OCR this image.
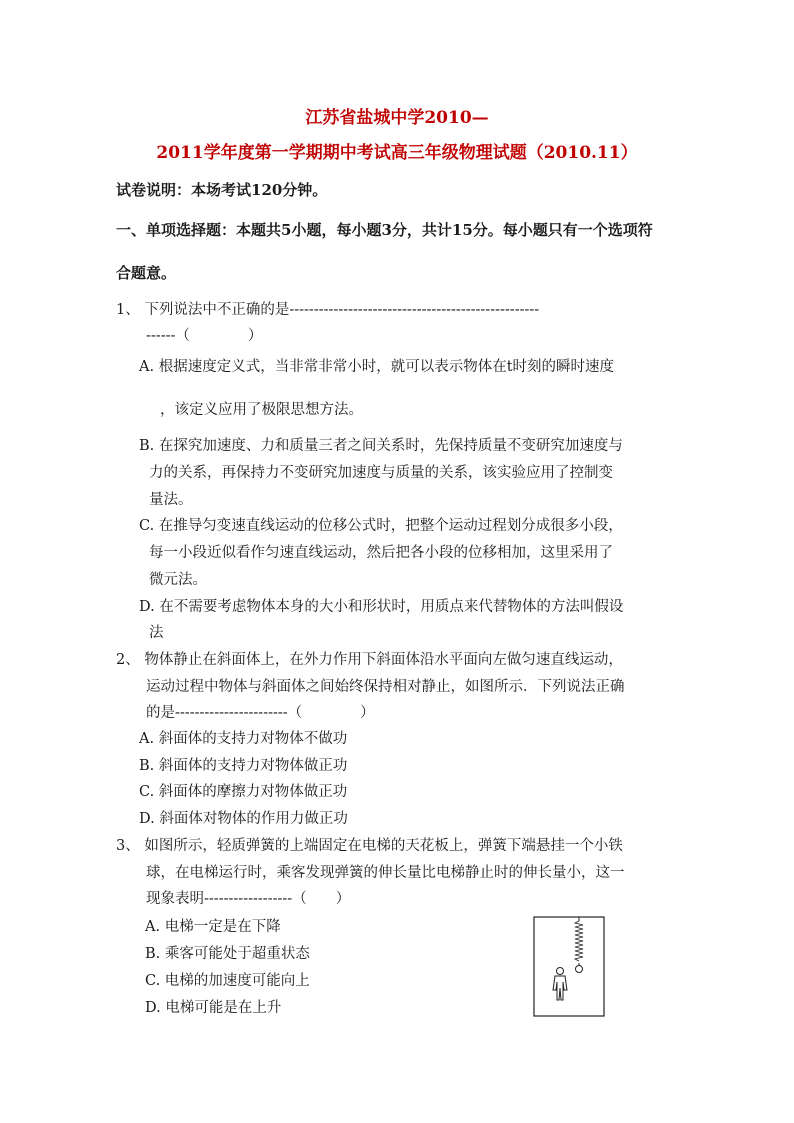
江苏省盐城中学2010—
2011学年度第一学期期中考试高三年级物理试题（2010.11）
试卷说明：本场考试120分钟。
一、单项选择题：本题共5小题，每小题3分，共计15分。每小题只有一个选项符
合题意。
1、 下列说法中不正确的是---------------------------------------------------
------（　　　　）
A. 根据速度定义式，当非常非常小时，就可以表示物体在t时刻的瞬时速度
，该定义应用了极限思想方法。
B. 在探究加速度、力和质量三者之间关系时，先保持质量不变研究加速度与
力的关系，再保持力不变研究加速度与质量的关系，该实验应用了控制变
量法。
C. 在推导匀变速直线运动的位移公式时，把整个运动过程划分成很多小段，
每一小段近似看作匀速直线运动，然后把各小段的位移相加，这里采用了
微元法。
D. 在不需要考虑物体本身的大小和形状时，用质点来代替物体的方法叫假设
法
2、 物体静止在斜面体上，在外力作用下斜面体沿水平面向左做匀速直线运动，
运动过程中物体与斜面体之间始终保持相对静止，如图所示．下列说法正确
的是-----------------------（　　　　）
A. 斜面体的支持力对物体不做功
B. 斜面体的支持力对物体做正功
C. 斜面体的摩擦力对物体做正功
D. 斜面体对物体的作用力做正功
3、 如图所示，轻质弹簧的上端固定在电梯的天花板上，弹簧下端悬挂一个小铁
球，在电梯运行时，乘客发现弹簧的伸长量比电梯静止时的伸长量小，这一
现象表明------------------（　　）
A. 电梯一定是在下降
B. 乘客可能处于超重状态
C. 电梯的加速度可能向上
D. 电梯可能是在上升
